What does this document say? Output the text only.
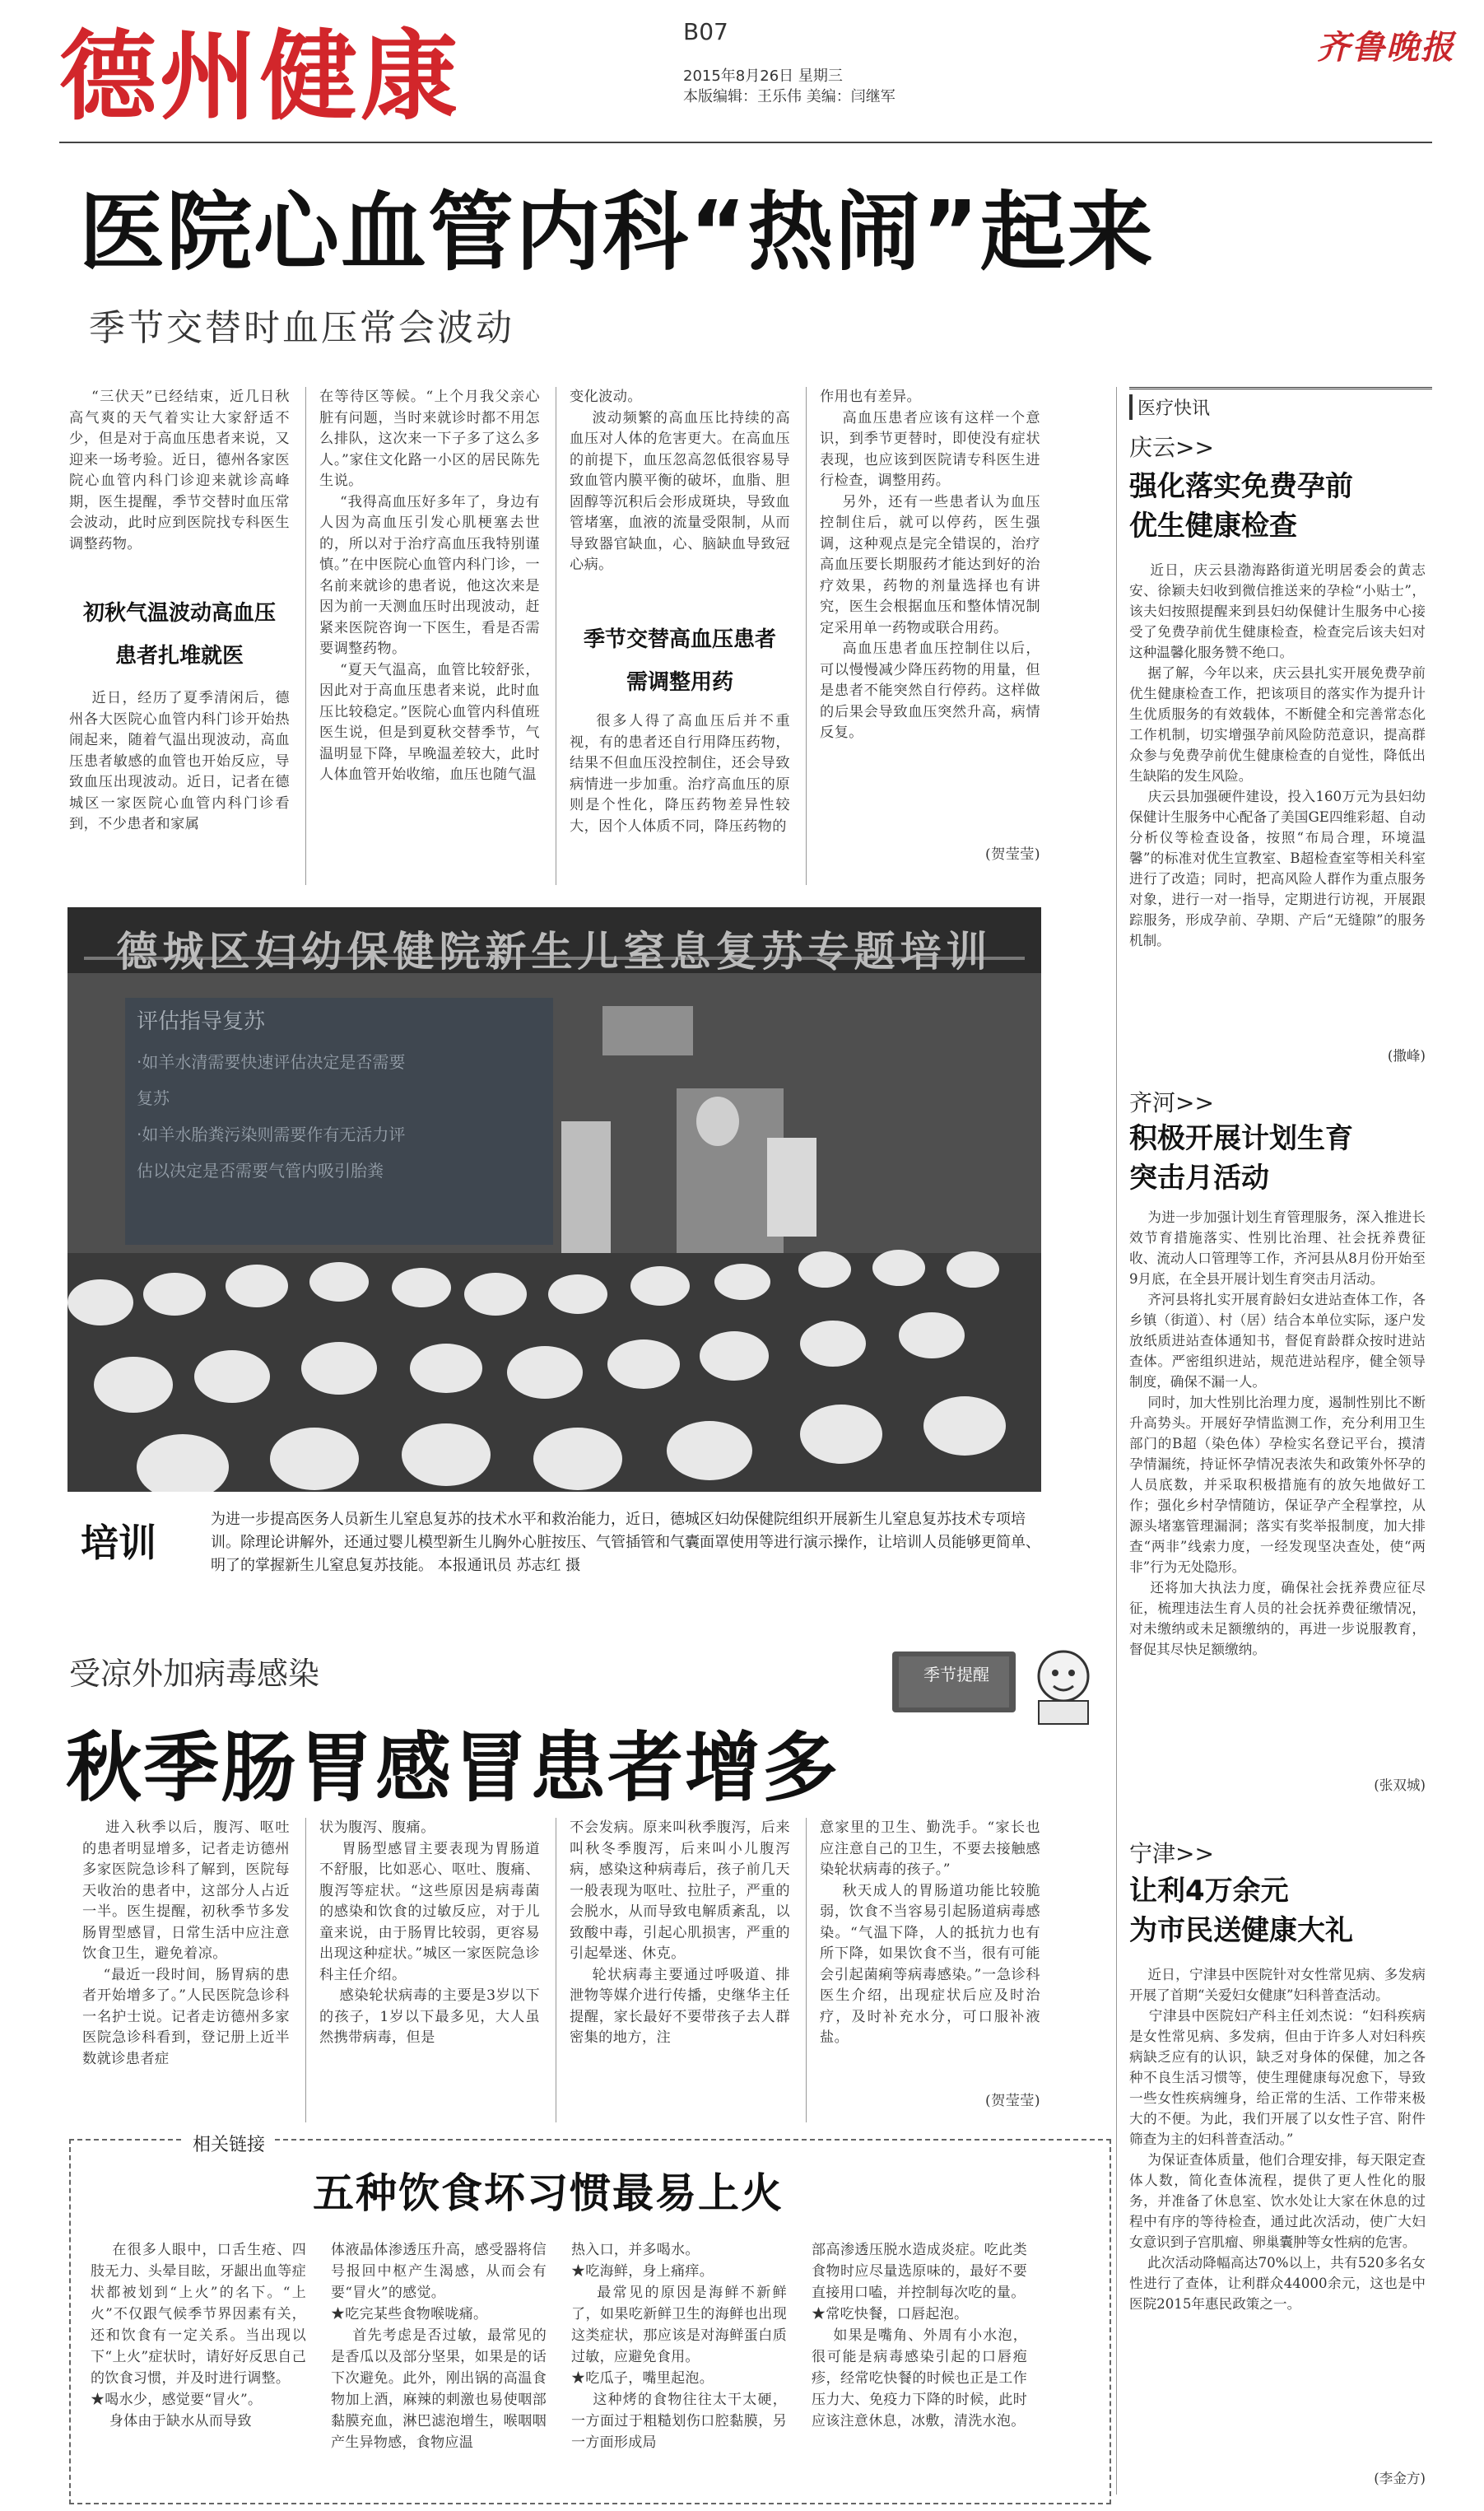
德州健康	B07
2015年8月26日 星期三
本版编辑：王乐伟 美编：闫继军
齐鲁晚报
医院心血管内科“热闹”起来
季节交替时血压常会波动
“三伏天”已经结束，近几日秋高气爽的天气着实让大家舒适不少，但是对于高血压患者来说，又迎来一场考验。近日，德州各家医院心血管内科门诊迎来就诊高峰期，医生提醒，季节交替时血压常会波动，此时应到医院找专科医生调整药物。
初秋气温波动高血压
患者扎堆就医
近日，经历了夏季清闲后，德州各大医院心血管内科门诊开始热闹起来，随着气温出现波动，高血压患者敏感的血管也开始反应，导致血压出现波动。近日，记者在德城区一家医院心血管内科门诊看到，不少患者和家属
在等待区等候。“上个月我父亲心脏有问题，当时来就诊时都不用怎么排队，这次来一下子多了这么多人。”家住文化路一小区的居民陈先生说。
“我得高血压好多年了，身边有人因为高血压引发心肌梗塞去世的，所以对于治疗高血压我特别谨慎。”在中医院心血管内科门诊，一名前来就诊的患者说，他这次来是因为前一天测血压时出现波动，赶紧来医院咨询一下医生，看是否需要调整药物。
“夏天气温高，血管比较舒张，因此对于高血压患者来说，此时血压比较稳定。”医院心血管内科值班医生说，但是到夏秋交替季节，气温明显下降，早晚温差较大，此时人体血管开始收缩，血压也随气温
变化波动。
波动频繁的高血压比持续的高血压对人体的危害更大。在高血压的前提下，血压忽高忽低很容易导致血管内膜平衡的破坏，血脂、胆固醇等沉积后会形成斑块，导致血管堵塞，血液的流量受限制，从而导致器官缺血，心、脑缺血导致冠心病。
季节交替高血压患者
需调整用药
很多人得了高血压后并不重视，有的患者还自行用降压药物，结果不但血压没控制住，还会导致病情进一步加重。治疗高血压的原则是个性化，降压药物差异性较大，因个人体质不同，降压药物的
作用也有差异。
高血压患者应该有这样一个意识，到季节更替时，即使没有症状表现，也应该到医院请专科医生进行检查，调整用药。
另外，还有一些患者认为血压控制住后，就可以停药，医生强调，这种观点是完全错误的，治疗高血压要长期服药才能达到好的治疗效果，药物的剂量选择也有讲究，医生会根据血压和整体情况制定采用单一药物或联合用药。
高血压患者血压控制住以后，可以慢慢减少降压药物的用量，但是患者不能突然自行停药。这样做的后果会导致血压突然升高，病情反复。
(贺莹莹)
医疗快讯
庆云>>
强化落实免费孕前
优生健康检查
近日，庆云县渤海路街道光明居委会的黄志安、徐颖夫妇收到微信推送来的孕检“小贴士”，该夫妇按照提醒来到县妇幼保健计生服务中心接受了免费孕前优生健康检查，检查完后该夫妇对这种温馨化服务赞不绝口。
据了解，今年以来，庆云县扎实开展免费孕前优生健康检查工作，把该项目的落实作为提升计生优质服务的有效载体，不断健全和完善常态化工作机制，切实增强孕前风险防范意识，提高群众参与免费孕前优生健康检查的自觉性，降低出生缺陷的发生风险。
庆云县加强硬件建设，投入160万元为县妇幼保健计生服务中心配备了美国GE四维彩超、自动分析仪等检查设备，按照“布局合理，环境温馨”的标准对优生宣教室、B超检查室等相关科室进行了改造；同时，把高风险人群作为重点服务对象，进行一对一指导，定期进行访视，开展跟踪服务，形成孕前、孕期、产后“无缝隙”的服务机制。
(撒峰)
齐河>>
积极开展计划生育
突击月活动
为进一步加强计划生育管理服务，深入推进长效节育措施落实、性别比治理、社会抚养费征收、流动人口管理等工作，齐河县从8月份开始至9月底，在全县开展计划生育突击月活动。
齐河县将扎实开展育龄妇女进站查体工作，各乡镇（街道）、村（居）结合本单位实际，逐户发放纸质进站查体通知书，督促育龄群众按时进站查体。严密组织进站，规范进站程序，健全领导制度，确保不漏一人。
同时，加大性别比治理力度，遏制性别比不断升高势头。开展好孕情监测工作，充分利用卫生部门的B超（染色体）孕检实名登记平台，摸清孕情漏统，持证怀孕情况表浓失和政策外怀孕的人员底数，并采取积极措施有的放矢地做好工作；强化乡村孕情随访，保证孕产全程掌控，从源头堵塞管理漏洞；落实有奖举报制度，加大排查“两非”线索力度，一经发现坚决查处，使“两非”行为无处隐形。
还将加大执法力度，确保社会抚养费应征尽征，梳理违法生育人员的社会抚养费征缴情况，对未缴纳或未足额缴纳的，再进一步说服教育，督促其尽快足额缴纳。
(张双城)
宁津>>
让利4万余元
为市民送健康大礼
近日，宁津县中医院针对女性常见病、多发病开展了首期“关爱妇女健康”妇科普查活动。
宁津县中医院妇产科主任刘杰说：“妇科疾病是女性常见病、多发病，但由于许多人对妇科疾病缺乏应有的认识，缺乏对身体的保健，加之各种不良生活习惯等，使生理健康每况愈下，导致一些女性疾病缠身，给正常的生活、工作带来极大的不便。为此，我们开展了以女性子宫、附件筛查为主的妇科普查活动。”
为保证查体质量，他们合理安排，每天限定查体人数，简化查体流程，提供了更人性化的服务，并准备了休息室、饮水处让大家在休息的过程中有序的等待检查，通过此次活动，使广大妇女意识到子宫肌瘤、卵巢囊肿等女性病的危害。
此次活动降幅高达70%以上，共有520多名女性进行了查体，让利群众44000余元，这也是中医院2015年惠民政策之一。
(李金方)
德城区妇幼保健院新生儿窒息复苏专题培训
评估指导复苏
·如羊水清需要快速评估决定是否需要
复苏
·如羊水胎粪污染则需要作有无活力评
估以决定是否需要气管内吸引胎粪
培训
为进一步提高医务人员新生儿窒息复苏的技术水平和救治能力，近日，德城区妇幼保健院组织开展新生儿窒息复苏技术专项培训。除理论讲解外，还通过婴儿模型新生儿胸外心脏按压、气管插管和气囊面罩使用等进行演示操作，让培训人员能够更简单、明了的掌握新生儿窒息复苏技能。 本报通讯员 苏志红 摄
受凉外加病毒感染
秋季肠胃感冒患者增多
季节提醒
进入秋季以后，腹泻、呕吐的患者明显增多，记者走访德州多家医院急诊科了解到，医院每天收治的患者中，这部分人占近一半。医生提醒，初秋季节多发肠胃型感冒，日常生活中应注意饮食卫生，避免着凉。
“最近一段时间，肠胃病的患者开始增多了。”人民医院急诊科一名护士说。记者走访德州多家医院急诊科看到，登记册上近半数就诊患者症
状为腹泻、腹痛。
胃肠型感冒主要表现为胃肠道不舒服，比如恶心、呕吐、腹痛、腹泻等症状。“这些原因是病毒菌的感染和饮食的过敏反应，对于儿童来说，由于肠胃比较弱，更容易出现这种症状。”城区一家医院急诊科主任介绍。
感染轮状病毒的主要是3岁以下的孩子，1岁以下最多见，大人虽然携带病毒，但是
不会发病。原来叫秋季腹泻，后来叫秋冬季腹泻，后来叫小儿腹泻病，感染这种病毒后，孩子前几天一般表现为呕吐、拉肚子，严重的会脱水，从而导致电解质紊乱，以致酸中毒，引起心肌损害，严重的引起晕迷、休克。
轮状病毒主要通过呼吸道、排泄物等媒介进行传播，史继华主任提醒，家长最好不要带孩子去人群密集的地方，注
意家里的卫生、勤洗手。“家长也应注意自己的卫生，不要去接触感染轮状病毒的孩子。”
秋天成人的胃肠道功能比较脆弱，饮食不当容易引起肠道病毒感染。“气温下降，人的抵抗力也有所下降，如果饮食不当，很有可能会引起菌痢等病毒感染。”一急诊科医生介绍，出现症状后应及时治疗，及时补充水分，可口服补液盐。
(贺莹莹)
相关链接
五种饮食坏习惯最易上火
在很多人眼中，口舌生疮、四肢无力、头晕目眩，牙龈出血等症状都被划到“上火”的名下。“上火”不仅跟气候季节界因素有关，还和饮食有一定关系。当出现以下“上火”症状时，请好好反思自己的饮食习惯，并及时进行调整。
★喝水少，感觉要“冒火”。
身体由于缺水从而导致
体液晶体渗透压升高，感受器将信号报回中枢产生渴感，从而会有要“冒火”的感觉。
★吃完某些食物喉咙痛。
首先考虑是否过敏，最常见的是香瓜以及部分坚果，如果是的话下次避免。此外，刚出锅的高温食物加上酒，麻辣的刺激也易使咽部黏膜充血，淋巴滤泡增生，喉咽咽产生异物感，食物应温
热入口，并多喝水。
★吃海鲜，身上痛痒。
最常见的原因是海鲜不新鲜了，如果吃新鲜卫生的海鲜也出现这类症状，那应该是对海鲜蛋白质过敏，应避免食用。
★吃瓜子，嘴里起泡。
这种烤的食物往往太干太硬，一方面过于粗糙划伤口腔黏膜，另一方面形成局
部高渗透压脱水造成炎症。吃此类食物时应尽量选原味的，最好不要直接用口嗑，并控制每次吃的量。
★常吃快餐，口唇起泡。
如果是嘴角、外周有小水泡，很可能是病毒感染引起的口唇疱疹，经常吃快餐的时候也正是工作压力大、免疫力下降的时候，此时应该注意休息，冰敷，清洗水泡。
